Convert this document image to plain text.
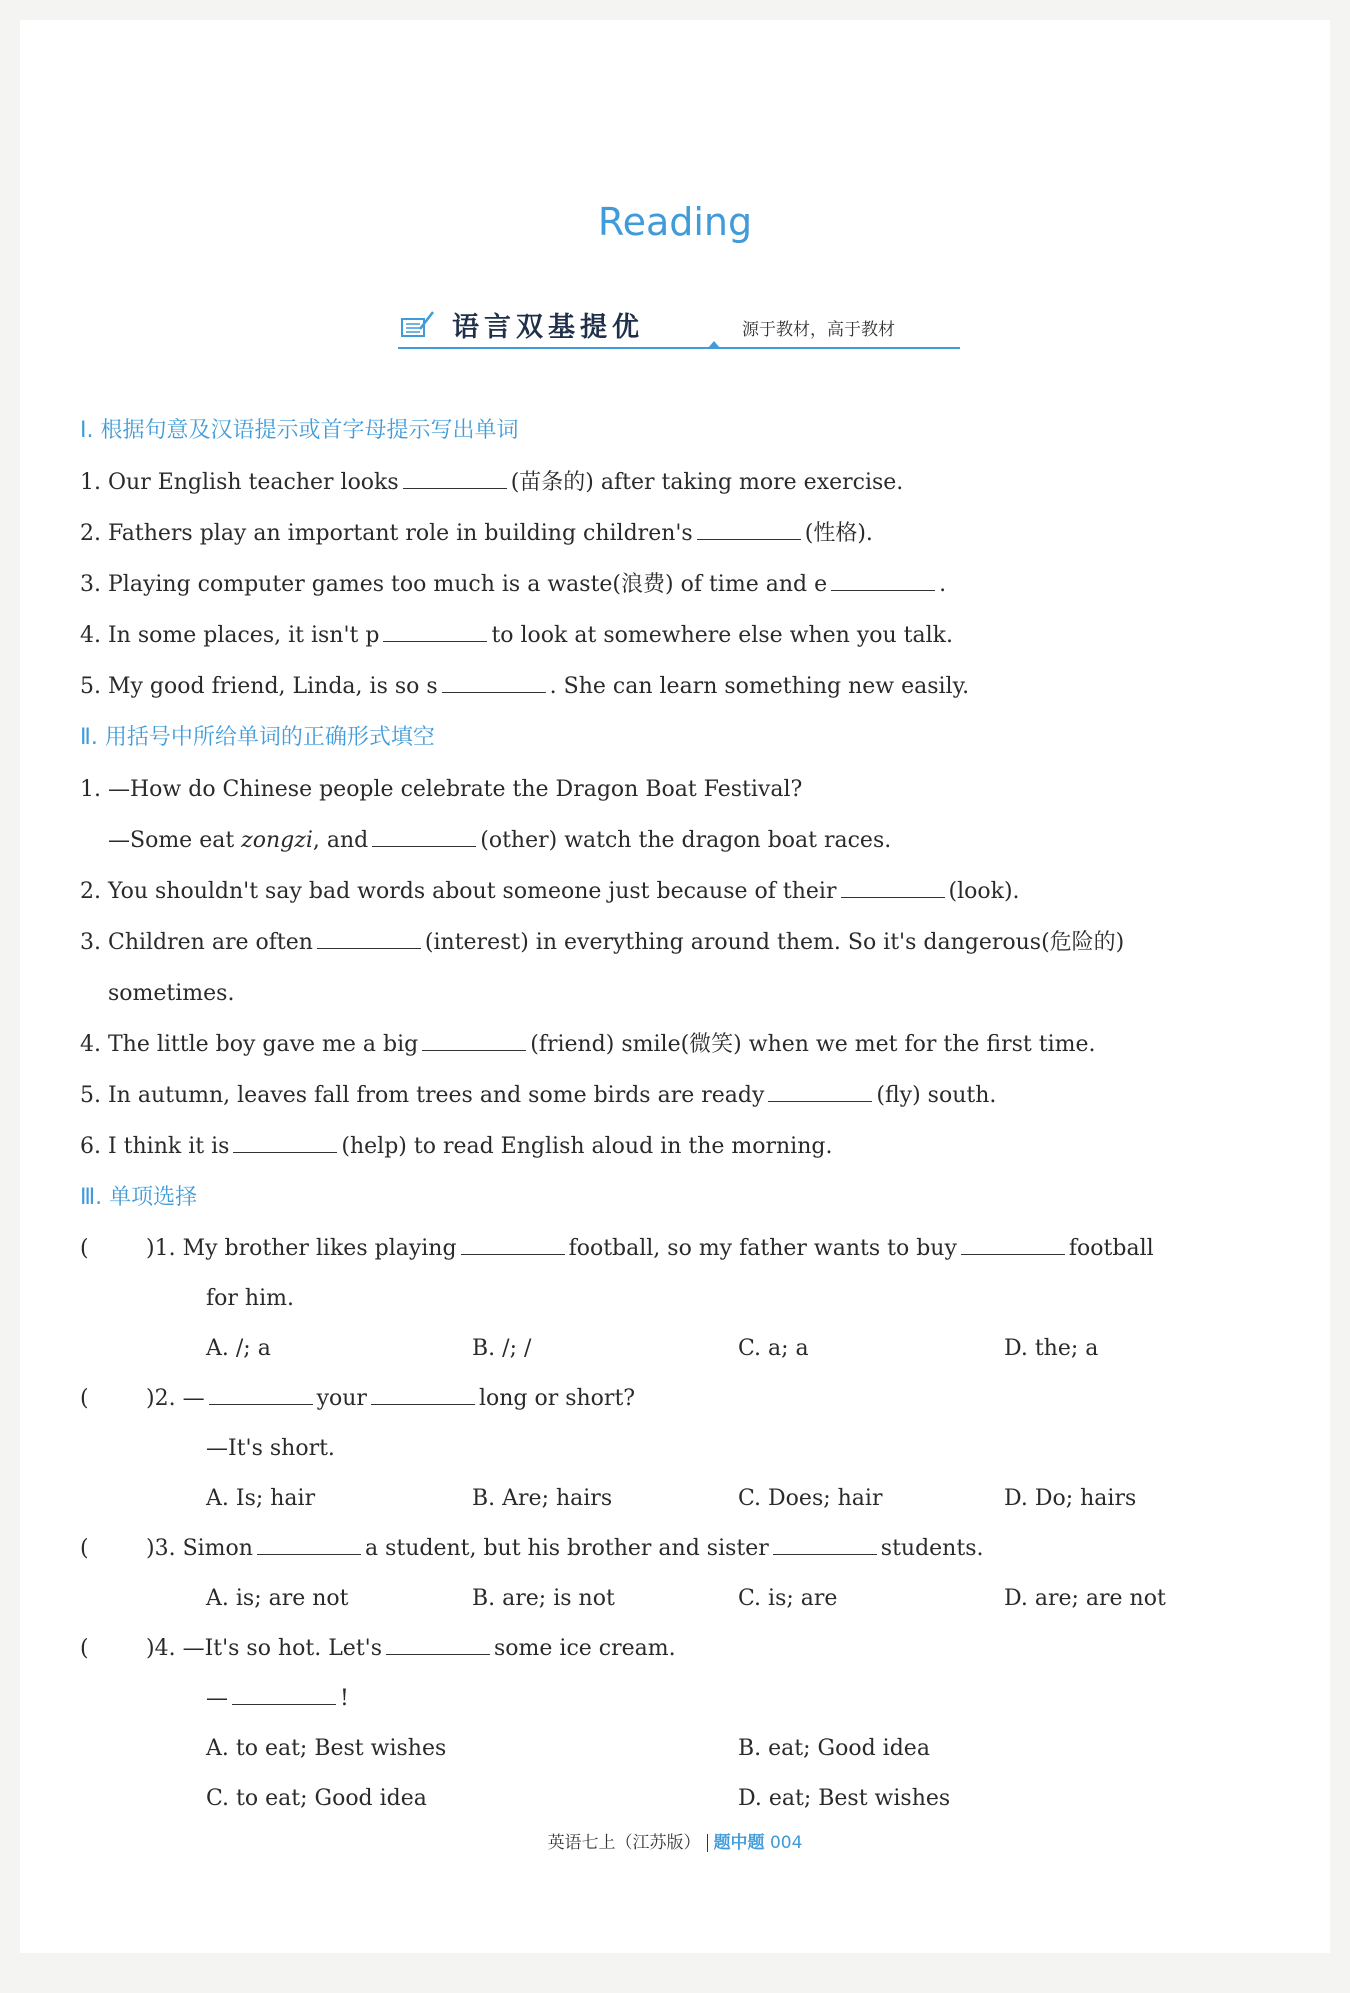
Reading
语言双基提优	源于教材，高于教材
Ⅰ. 根据句意及汉语提示或首字母提示写出单词
1. Our English teacher looks	(苗条的) after taking more exercise.
2. Fathers play an important role in building children's	(性格).
3. Playing computer games too much is a waste(浪费) of time and e	.
4. In some places, it isn't p	to look at somewhere else when you talk.
5. My good friend, Linda, is so s	. She can learn something new easily.
Ⅱ. 用括号中所给单词的正确形式填空
1. —How do Chinese people celebrate the Dragon Boat Festival?
—Some eat zongzi, and	(other) watch the dragon boat races.
2. You shouldn't say bad words about someone just because of their	(look).
3. Children are often	(interest) in everything around them. So it's dangerous(危险的)
sometimes.
4. The little boy gave me a big	(friend) smile(微笑) when we met for the first time.
5. In autumn, leaves fall from trees and some birds are ready	(fly) south.
6. I think it is	(help) to read English aloud in the morning.
Ⅲ. 单项选择
(	)1. My brother likes playing	football, so my father wants to buy	football
for him.
A. /; a	B. /; /	C. a; a	D. the; a
(	)2. —	your	long or short?
—It's short.
A. Is; hair	B. Are; hairs	C. Does; hair	D. Do; hairs
(	)3. Simon	a student, but his brother and sister	students.
A. is; are not	B. are; is not	C. is; are	D. are; are not
(	)4. —It's so hot. Let's	some ice cream.
—	!
A. to eat; Best wishes	B. eat; Good idea
C. to eat; Good idea	D. eat; Best wishes
英语七上（江苏版） 题中题 004
